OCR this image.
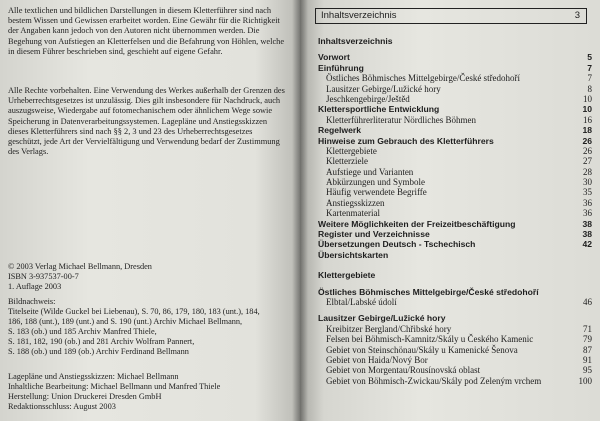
Alle textlichen und bildlichen Darstellungen in diesem Kletterführer sind nach bestem Wissen und Gewissen erarbeitet worden. Eine Gewähr für die Richtigkeit der Angaben kann jedoch von den Autoren nicht übernommen werden. Die Begehung von Aufstiegen an Kletterfelsen und die Befahrung von Höhlen, welche in diesem Führer beschrieben sind, geschieht auf eigene Gefahr.

Alle Rechte vorbehalten. Eine Verwendung des Werkes außerhalb der Grenzen des Urheberrechtsgesetzes ist unzulässig. Dies gilt insbesondere für Nachdruck, auch auszugsweise, Wiedergabe auf fotomechanischem oder ähnlichem Wege sowie Speicherung in Datenverarbeitungssystemen. Lagepläne und Anstiegsskizzen dieses Kletterführers sind nach §§ 2, 3 und 23 des Urheberrechtsgesetzes geschützt, jede Art der Vervielfältigung und Verwendung bedarf der Zustimmung des Verlags.

© 2003 Verlag Michael Bellmann, Dresden
ISBN 3-937537-00-7
1. Auflage 2003
Bildnachweis:
Titelseite (Wilde Guckel bei Liebenau), S. 70, 86, 179, 180, 183 (unt.), 184,
186, 188 (unt.), 189 (unt.) and S. 190 (unt.) Archiv Michael Bellmann,
S. 183 (ob.) und 185 Archiv Manfred Thiele,
S. 181, 182, 190 (ob.) and 281 Archiv Wolfram Pannert,
S. 188 (ob.) und 189 (ob.) Archiv Ferdinand Bellmann
Lagepläne und Anstiegsskizzen: Michael Bellmann
Inhaltliche Bearbeitung: Michael Bellmann und Manfred Thiele
Herstellung: Union Druckerei Dresden GmbH
Redaktionsschluss: August 2003
Inhaltsverzeichnis	3
Inhaltsverzeichnis
Vorwort	5
Einführung	7
Östliches Böhmisches Mittelgebirge/České středohoří	7
Lausitzer Gebirge/Lužické hory	8
Jeschkengebirge/Ještěd	10
Klettersportliche Entwicklung	10
Kletterführerliteratur Nördliches Böhmen	16
Regelwerk	18
Hinweise zum Gebrauch des Kletterführers	26
Klettergebiete	26
Kletterziele	27
Aufstiege und Varianten	28
Abkürzungen und Symbole	30
Häufig verwendete Begriffe	35
Anstiegsskizzen	36
Kartenmaterial	36
Weitere Möglichkeiten der Freizeitbeschäftigung	38
Register und Verzeichnisse	38
Übersetzungen Deutsch - Tschechisch	42
Übersichtskarten
Klettergebiete
Östliches Böhmisches Mittelgebirge/České středohoří
Elbtal/Labské údolí	46
Lausitzer Gebirge/Lužické hory
Kreibitzer Bergland/Chřibské hory	71
Felsen bei Böhmisch-Kamnitz/Skály u Českého Kamenic	79
Gebiet von Steinschönau/Skály u Kamenické Šenova	87
Gebiet von Haida/Nový Bor	91
Gebiet von Morgentau/Rousínovská oblast	95
Gebiet von Böhmisch-Zwickau/Skály pod Zeleným vrchem	100
